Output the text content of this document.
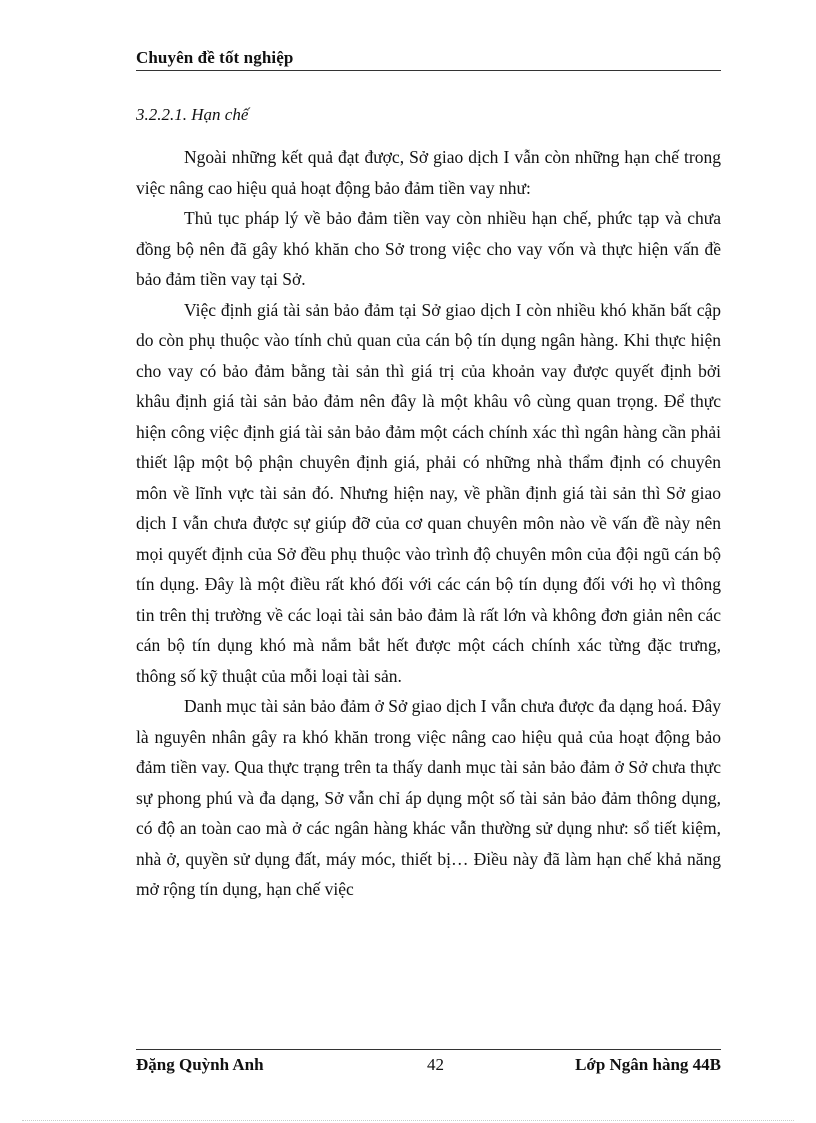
Chuyên đề tốt nghiệp
3.2.2.1. Hạn chế

Ngoài những kết quả đạt được, Sở giao dịch I vẫn còn những hạn chế trong việc nâng cao hiệu quả hoạt động bảo đảm tiền vay như:

Thủ tục pháp lý về bảo đảm tiền vay còn nhiều hạn chế, phức tạp và chưa đồng bộ nên đã gây khó khăn cho Sở trong việc cho vay vốn và thực hiện vấn đề bảo đảm tiền vay tại Sở.

Việc định giá tài sản bảo đảm tại Sở giao dịch I còn nhiều khó khăn bất cập do còn phụ thuộc vào tính chủ quan của cán bộ tín dụng ngân hàng. Khi thực hiện cho vay có bảo đảm bằng tài sản thì giá trị của khoản vay được quyết định bởi khâu định giá tài sản bảo đảm nên đây là một khâu vô cùng quan trọng. Để thực hiện công việc định giá tài sản bảo đảm một cách chính xác thì ngân hàng cần phải thiết lập một bộ phận chuyên định giá, phải có những nhà thẩm định có chuyên môn về lĩnh vực tài sản đó. Nhưng hiện nay, về phần định giá tài sản thì Sở giao dịch I vẫn chưa được sự giúp đỡ của cơ quan chuyên môn nào về vấn đề này nên mọi quyết định của Sở đều phụ thuộc vào trình độ chuyên môn của đội ngũ cán bộ tín dụng. Đây là một điều rất khó đối với các cán bộ tín dụng đối với họ vì thông tin trên thị trường về các loại tài sản bảo đảm là rất lớn và không đơn giản nên các cán bộ tín dụng khó mà nắm bắt hết được một cách chính xác từng đặc trưng, thông số kỹ thuật của mỗi loại tài sản.

Danh mục tài sản bảo đảm ở Sở giao dịch I vẫn chưa được đa dạng hoá. Đây là nguyên nhân gây ra khó khăn trong việc nâng cao hiệu quả của hoạt động bảo đảm tiền vay. Qua thực trạng trên ta thấy danh mục tài sản bảo đảm ở Sở chưa thực sự phong phú và đa dạng, Sở vẫn chỉ áp dụng một số tài sản bảo đảm thông dụng, có độ an toàn cao mà ở các ngân hàng khác vẫn thường sử dụng như: sổ tiết kiệm, nhà ở, quyền sử dụng đất, máy móc, thiết bị… Điều này đã làm hạn chế khả năng mở rộng tín dụng, hạn chế việc

Đặng Quỳnh Anh	42	Lớp Ngân hàng 44B
